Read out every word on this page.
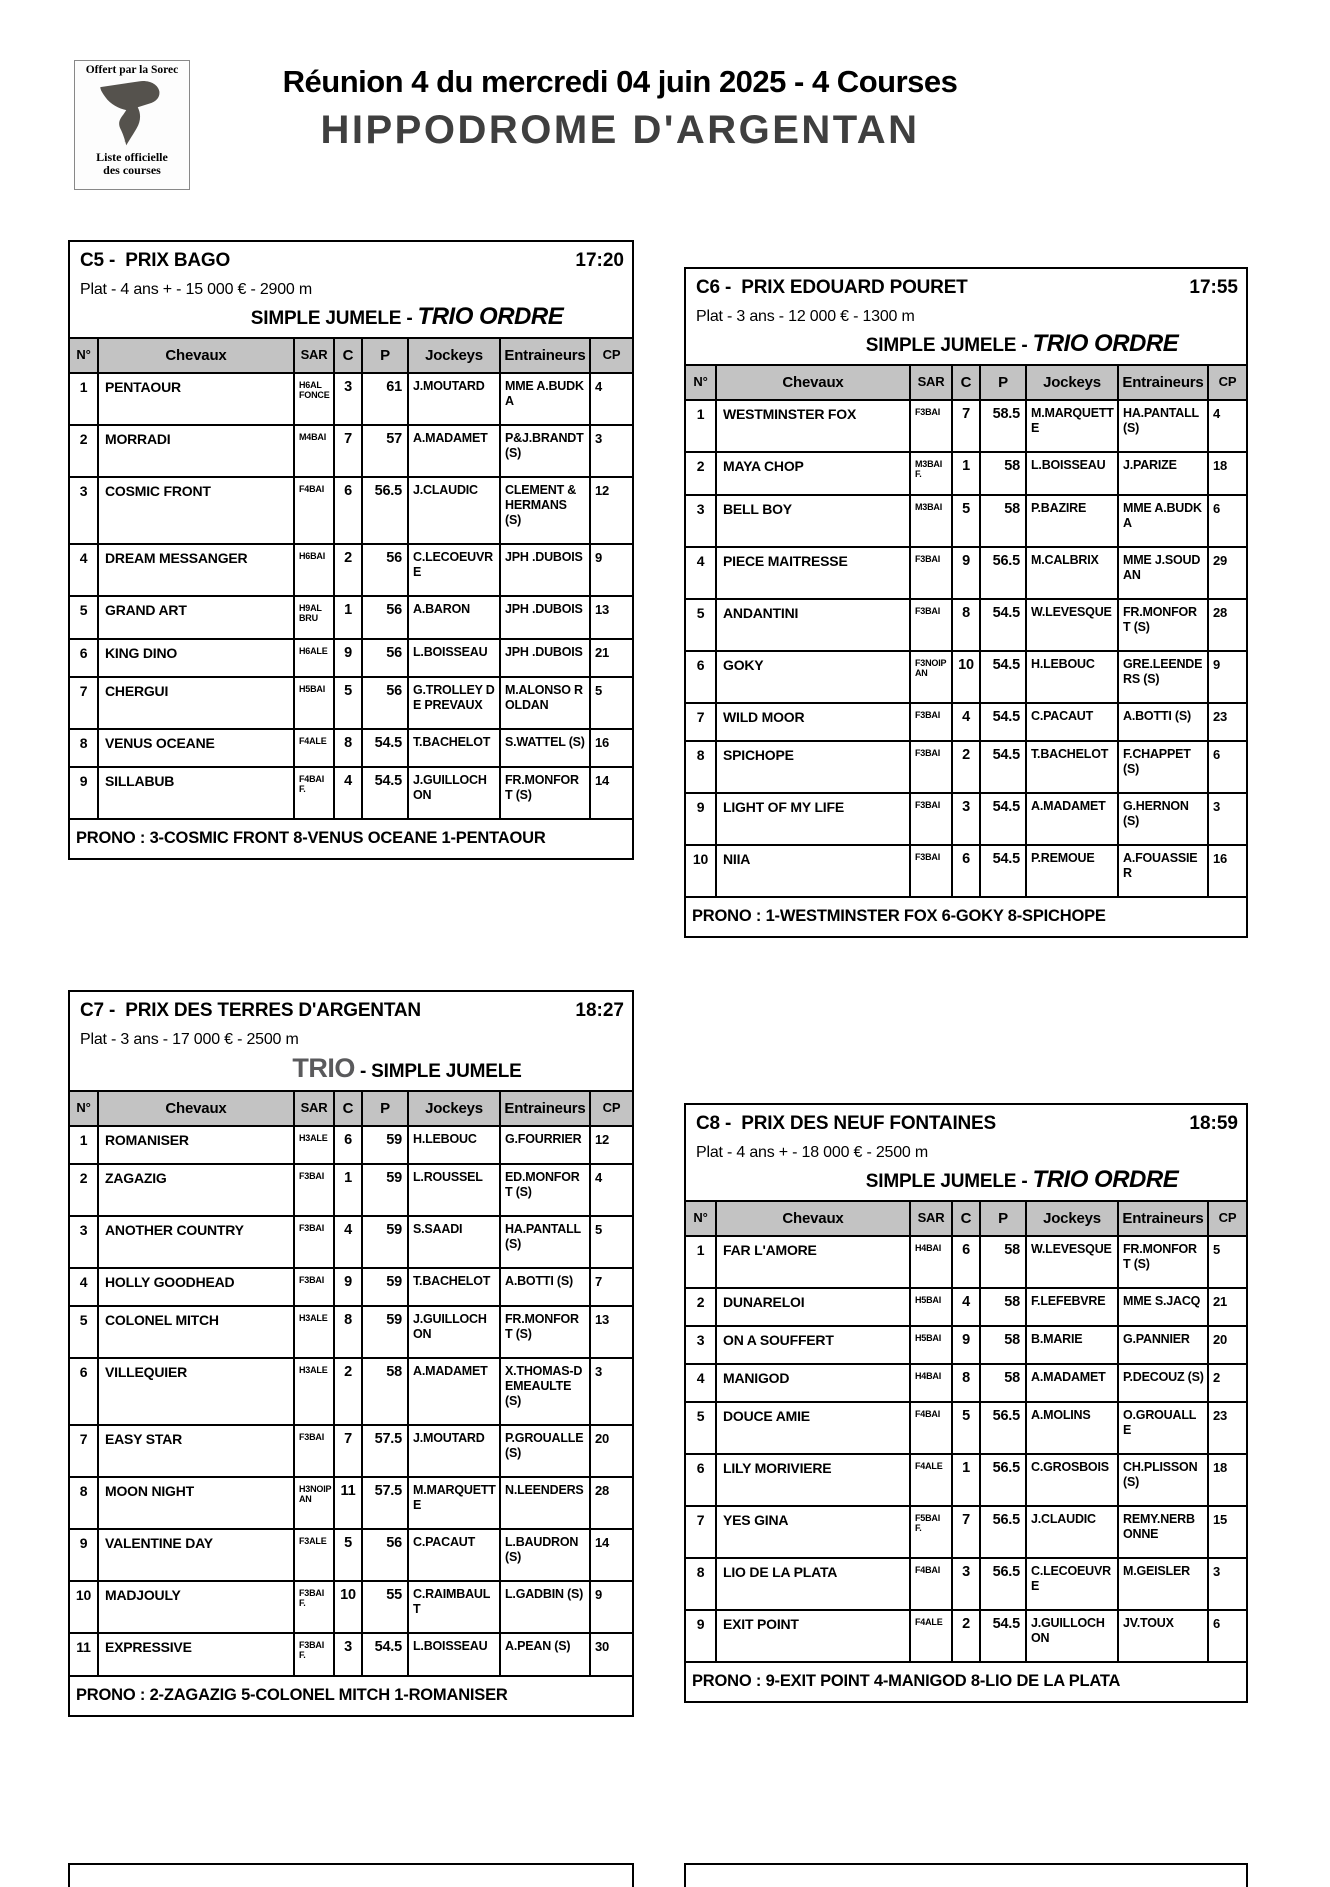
Offert par la Sorec
Liste officielle
des courses
Réunion 4 du mercredi 04 juin 2025 - 4 Courses
HIPPODROME D'ARGENTAN
C5 -  PRIX BAGO	17:20
Plat - 4 ans + - 15 000 € - 2900 m
SIMPLE JUMELE - TRIO ORDRE
N°	Chevaux	SAR	C	P	Jockeys	Entraineurs	CP
1	PENTAOUR	H6AL FONCE	3	61	J.MOUTARD	MME A.BUDKA	4
2	MORRADI	M4BAI	7	57	A.MADAMET	P&J.BRANDT (S)	3
3	COSMIC FRONT	F4BAI	6	56.5	J.CLAUDIC	CLEMENT & HERMANS (S)	12
4	DREAM MESSANGER	H6BAI	2	56	C.LECOEUVRE	JPH .DUBOIS	9
5	GRAND ART	H9AL BRU	1	56	A.BARON	JPH .DUBOIS	13
6	KING DINO	H6ALE	9	56	L.BOISSEAU	JPH .DUBOIS	21
7	CHERGUI	H5BAI	5	56	G.TROLLEY DE PREVAUX	M.ALONSO ROLDAN	5
8	VENUS OCEANE	F4ALE	8	54.5	T.BACHELOT	S.WATTEL (S)	16
9	SILLABUB	F4BAI F.	4	54.5	J.GUILLOCHON	FR.MONFORT (S)	14
PRONO : 3-COSMIC FRONT 8-VENUS OCEANE 1-PENTAOUR							
C6 -  PRIX EDOUARD POURET	17:55
Plat - 3 ans - 12 000 € - 1300 m
SIMPLE JUMELE - TRIO ORDRE
N°	Chevaux	SAR	C	P	Jockeys	Entraineurs	CP
1	WESTMINSTER FOX	F3BAI	7	58.5	M.MARQUETTE	HA.PANTALL (S)	4
2	MAYA CHOP	M3BAI F.	1	58	L.BOISSEAU	J.PARIZE	18
3	BELL BOY	M3BAI	5	58	P.BAZIRE	MME A.BUDKA	6
4	PIECE MAITRESSE	F3BAI	9	56.5	M.CALBRIX	MME J.SOUDAN	29
5	ANDANTINI	F3BAI	8	54.5	W.LEVESQUE	FR.MONFORT (S)	28
6	GOKY	F3NOIP AN	10	54.5	H.LEBOUC	GRE.LEENDERS (S)	9
7	WILD MOOR	F3BAI	4	54.5	C.PACAUT	A.BOTTI (S)	23
8	SPICHOPE	F3BAI	2	54.5	T.BACHELOT	F.CHAPPET (S)	6
9	LIGHT OF MY LIFE	F3BAI	3	54.5	A.MADAMET	G.HERNON (S)	3
10	NIIA	F3BAI	6	54.5	P.REMOUE	A.FOUASSIER	16
PRONO : 1-WESTMINSTER FOX 6-GOKY 8-SPICHOPE							
C7 -  PRIX DES TERRES D'ARGENTAN	18:27
Plat - 3 ans - 17 000 € - 2500 m
TRIO - SIMPLE JUMELE
N°	Chevaux	SAR	C	P	Jockeys	Entraineurs	CP
1	ROMANISER	H3ALE	6	59	H.LEBOUC	G.FOURRIER	12
2	ZAGAZIG	F3BAI	1	59	L.ROUSSEL	ED.MONFORT (S)	4
3	ANOTHER COUNTRY	F3BAI	4	59	S.SAADI	HA.PANTALL (S)	5
4	HOLLY GOODHEAD	F3BAI	9	59	T.BACHELOT	A.BOTTI (S)	7
5	COLONEL MITCH	H3ALE	8	59	J.GUILLOCHON	FR.MONFORT (S)	13
6	VILLEQUIER	H3ALE	2	58	A.MADAMET	X.THOMAS-DEMEAULTE (S)	3
7	EASY STAR	F3BAI	7	57.5	J.MOUTARD	P.GROUALLE (S)	20
8	MOON NIGHT	H3NOIP AN	11	57.5	M.MARQUETTE	N.LEENDERS	28
9	VALENTINE DAY	F3ALE	5	56	C.PACAUT	L.BAUDRON (S)	14
10	MADJOULY	F3BAI F.	10	55	C.RAIMBAULT	L.GADBIN (S)	9
11	EXPRESSIVE	F3BAI F.	3	54.5	L.BOISSEAU	A.PEAN (S)	30
PRONO : 2-ZAGAZIG 5-COLONEL MITCH 1-ROMANISER							
C8 -  PRIX DES NEUF FONTAINES	18:59
Plat - 4 ans + - 18 000 € - 2500 m
SIMPLE JUMELE - TRIO ORDRE
N°	Chevaux	SAR	C	P	Jockeys	Entraineurs	CP
1	FAR L'AMORE	H4BAI	6	58	W.LEVESQUE	FR.MONFORT (S)	5
2	DUNARELOI	H5BAI	4	58	F.LEFEBVRE	MME S.JACQ	21
3	ON A SOUFFERT	H5BAI	9	58	B.MARIE	G.PANNIER	20
4	MANIGOD	H4BAI	8	58	A.MADAMET	P.DECOUZ (S)	2
5	DOUCE AMIE	F4BAI	5	56.5	A.MOLINS	O.GROUALLE	23
6	LILY MORIVIERE	F4ALE	1	56.5	C.GROSBOIS	CH.PLISSON (S)	18
7	YES GINA	F5BAI F.	7	56.5	J.CLAUDIC	REMY.NERBONNE	15
8	LIO DE LA PLATA	F4BAI	3	56.5	C.LECOEUVRE	M.GEISLER	3
9	EXIT POINT	F4ALE	2	54.5	J.GUILLOCHON	JV.TOUX	6
PRONO : 9-EXIT POINT 4-MANIGOD 8-LIO DE LA PLATA							
